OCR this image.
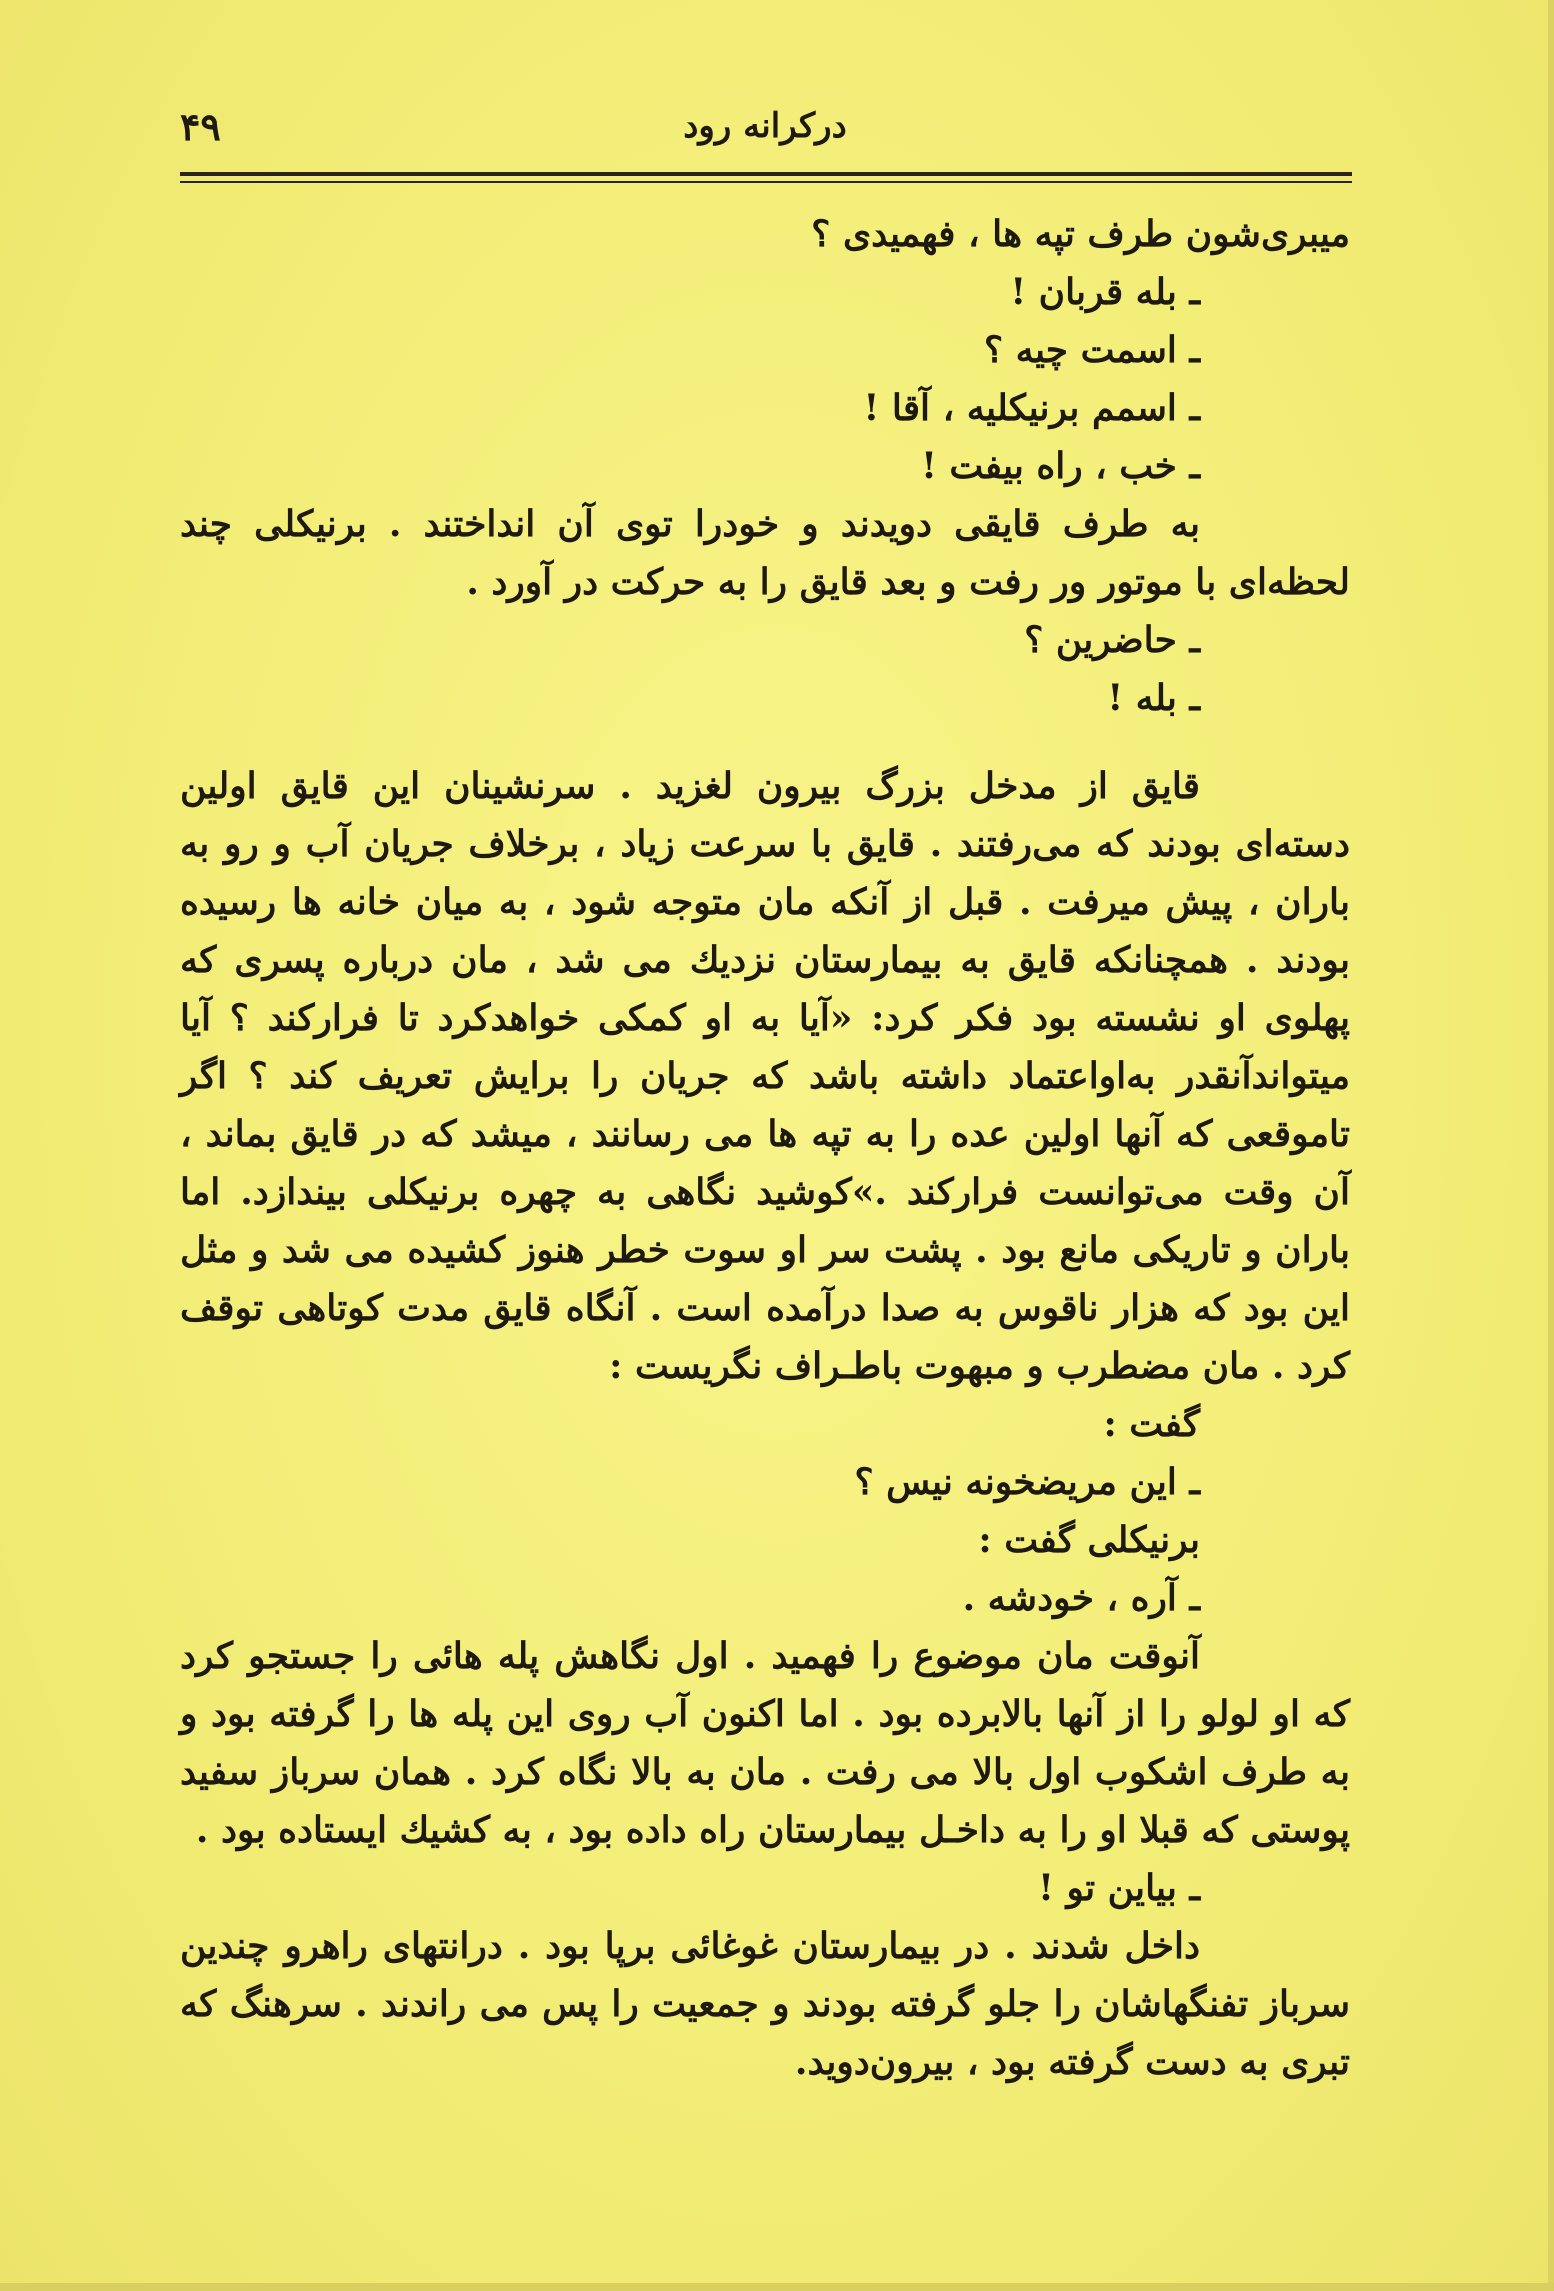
درکرانه رود
۴۹

میبری‌شون طرف تپه ها ، فهمیدی ؟

ـ بله قربان !

ـ اسمت چیه ؟

ـ اسمم برنیکلیه ، آقا !

ـ خب ، راه بیفت !

به طرف قایقی دویدند و خودرا توی آن انداختند . برنیکلی چند لحظه‌ای با موتور ور رفت و بعد قایق را به حرکت در آورد .

ـ حاضرین ؟

ـ بله !

قایق از مدخل بزرگ بیرون لغزید . سرنشینان این قایق اولین دسته‌ای بودند که می‌رفتند . قایق با سرعت زیاد ، برخلاف جریان آب و رو به باران ، پیش میرفت . قبل از آنکه مان متوجه شود ، به میان خانه ها رسیده بودند . همچنانکه قایق به بیمارستان نزدیك می شد ، مان درباره پسری که پهلوی او نشسته بود فکر کرد: «آیا به او کمکی خواهدکرد تا فرارکند ؟ آیا میتواندآنقدر به‌اواعتماد داشته باشد که جریان را برایش تعریف کند ؟ اگر تاموقعی که آنها اولین عده را به تپه ها می رسانند ، میشد که در قایق بماند ، آن وقت می‌توانست فرارکند .»کوشید نگاهی به چهره برنیکلی بیندازد. اما باران و تاریکی مانع بود . پشت سر او سوت خطر هنوز کشیده می شد و مثل این بود که هزار ناقوس به صدا درآمده است . آنگاه قایق مدت کوتاهی توقف کرد . مان مضطرب و مبهوت باطـراف نگریست :

گفت :

ـ این مریضخونه نیس ؟

برنیکلی گفت :

ـ آره ، خودشه .

آنوقت مان موضوع را فهمید . اول نگاهش پله هائی را جستجو کرد که او لولو را از آنها بالابرده بود . اما اکنون آب روی این پله ها را گرفته بود و به طرف اشکوب اول بالا می رفت . مان به بالا نگاه کرد . همان سرباز سفید پوستی که قبلا او را به داخـل بیمارستان راه داده بود ، به کشیك ایستاده بود .

ـ بیاین تو !

داخل شدند . در بیمارستان غوغائی برپا بود . درانتهای راهرو چندین سرباز تفنگهاشان را جلو گرفته بودند و جمعیت را پس می راندند . سرهنگ که تبری به دست گرفته بود ، بیرون‌دوید.
